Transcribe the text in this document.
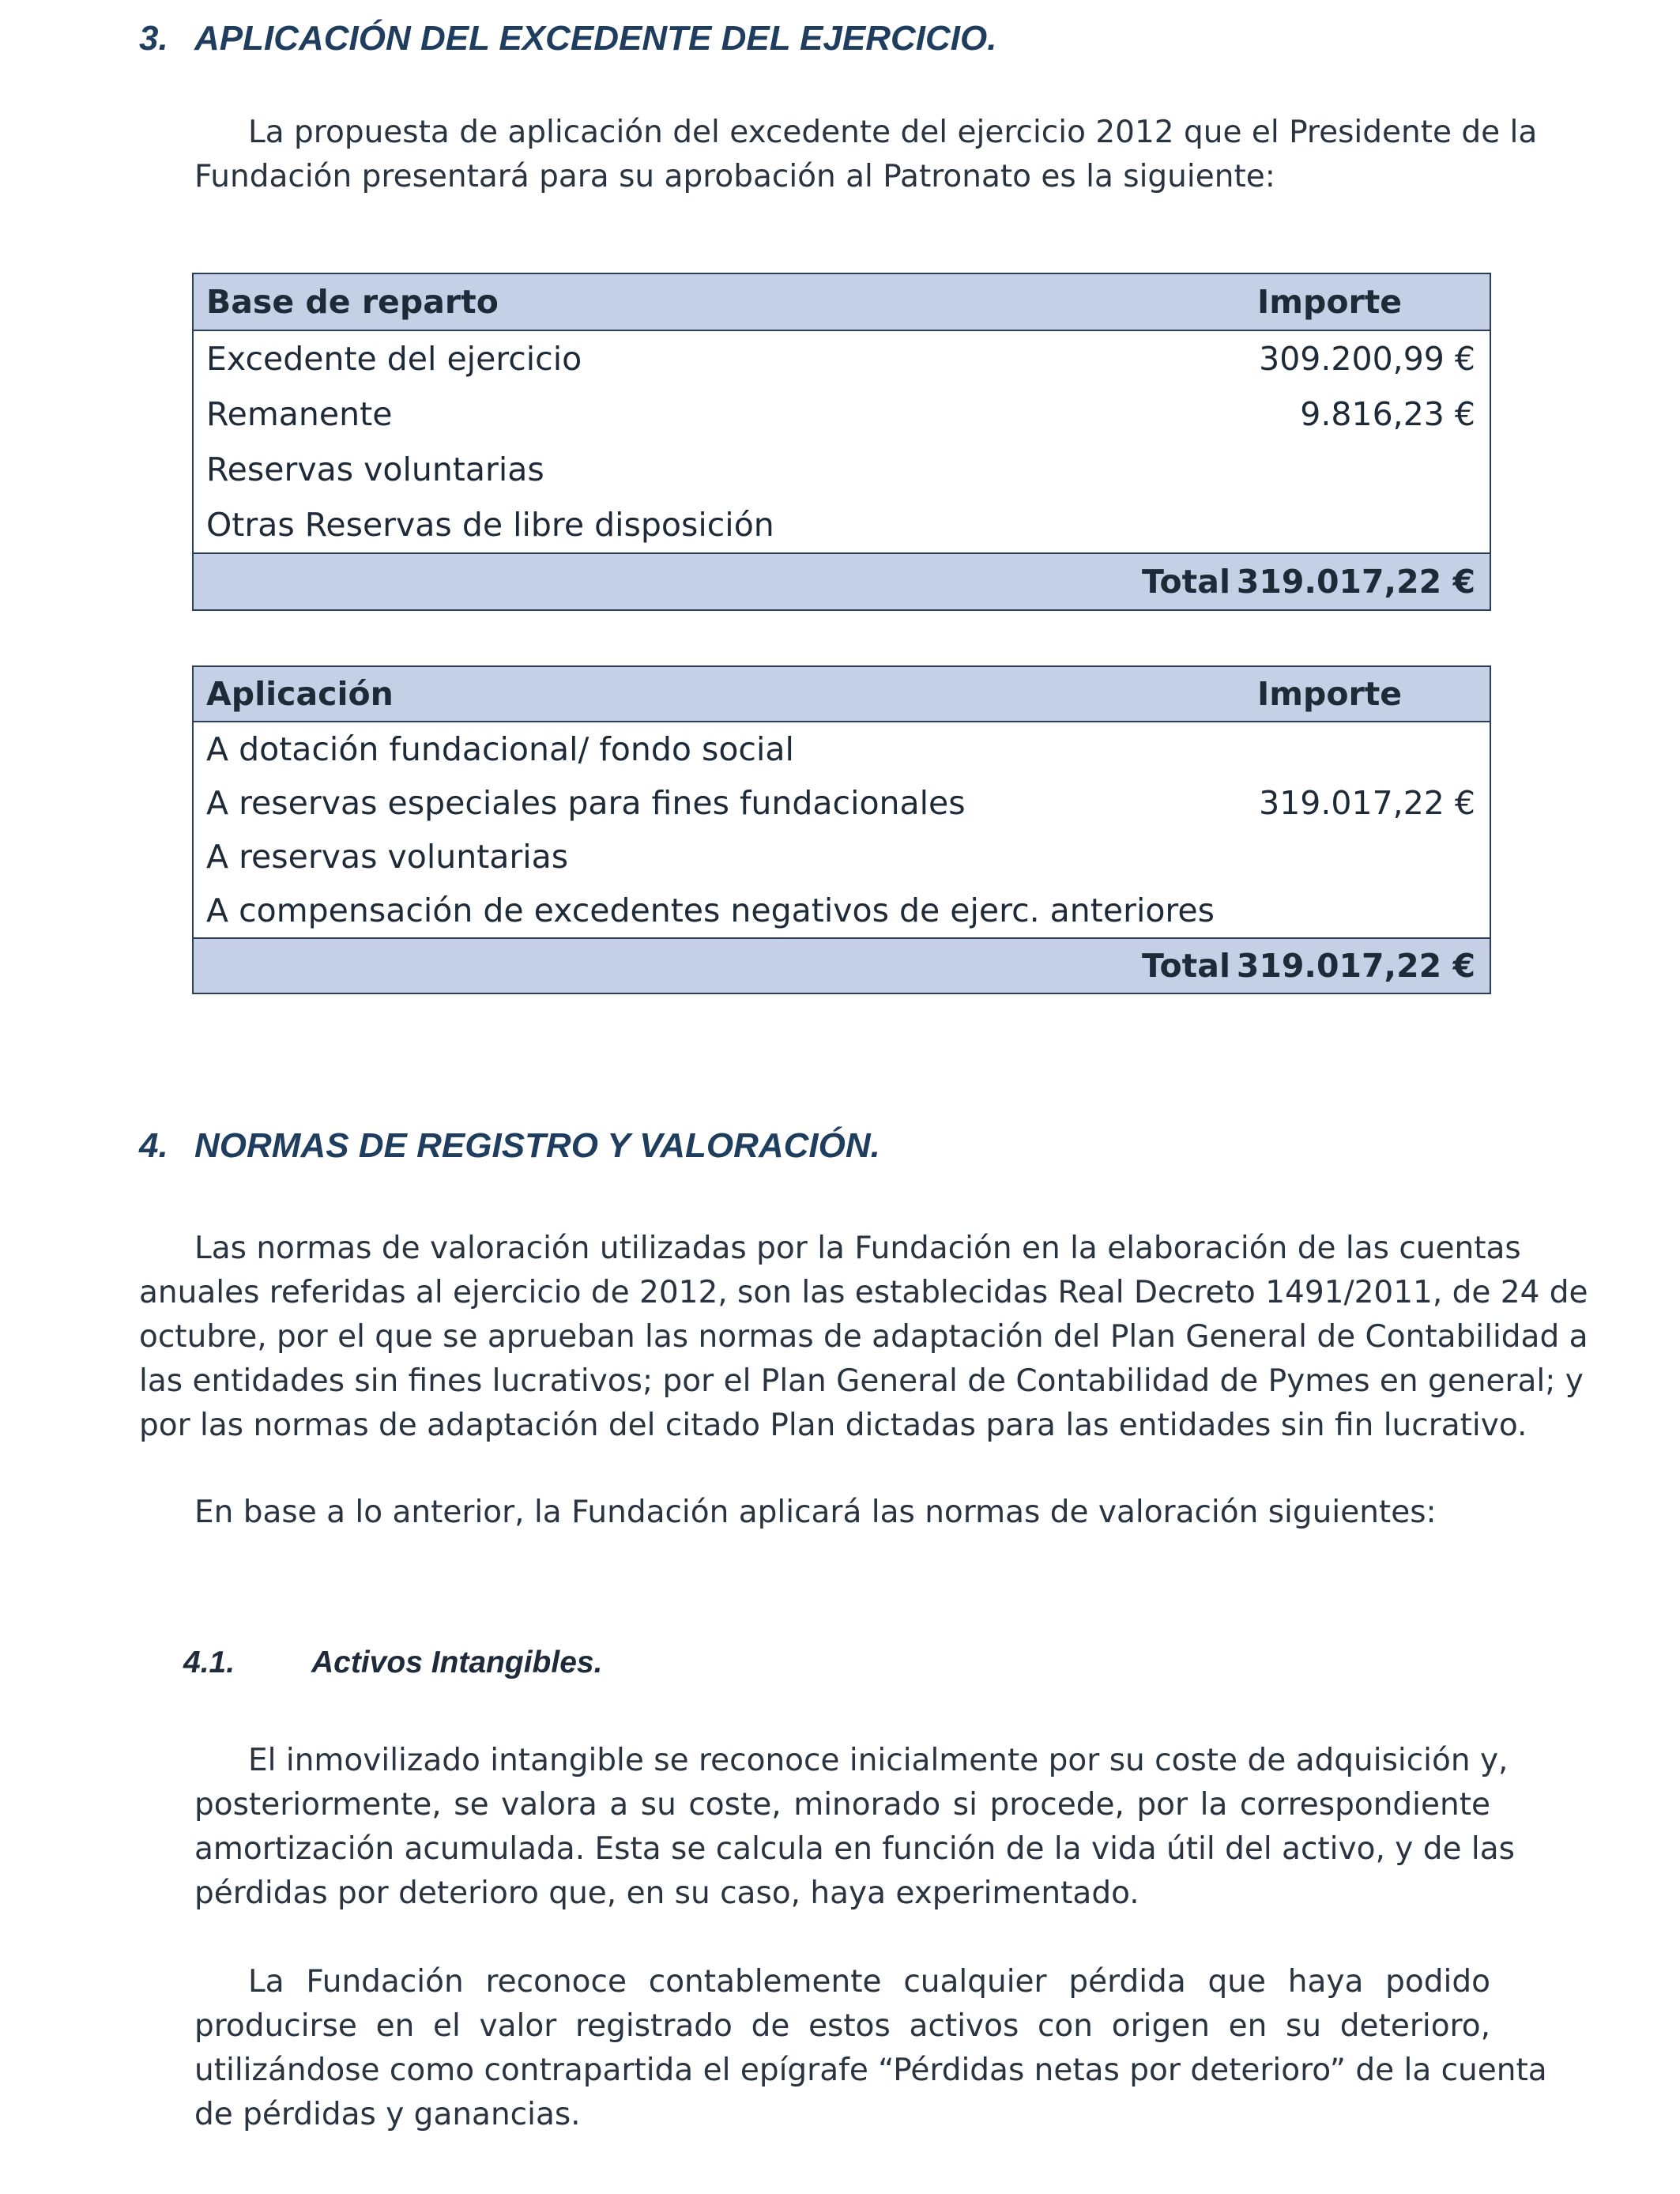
3. APLICACIÓN DEL EXCEDENTE DEL EJERCICIO.
La propuesta de aplicación del excedente del ejercicio 2012 que el Presidente de la
Fundación presentará para su aprobación al Patronato es la siguiente:
Base de reparto	Importe
Excedente del ejercicio	309.200,99 €
Remanente	9.816,23 €
Reservas voluntarias
Otras Reservas de libre disposición
Total 319.017,22 €
Aplicación	Importe
A dotación fundacional/ fondo social
A reservas especiales para fines fundacionales	319.017,22 €
A reservas voluntarias
A compensación de excedentes negativos de ejerc. anteriores
Total 319.017,22 €
4. NORMAS DE REGISTRO Y VALORACIÓN.
Las normas de valoración utilizadas por la Fundación en la elaboración de las cuentas
anuales referidas al ejercicio de 2012, son las establecidas Real Decreto 1491/2011, de 24 de
octubre, por el que se aprueban las normas de adaptación del Plan General de Contabilidad a
las entidades sin fines lucrativos; por el Plan General de Contabilidad de Pymes en general; y
por las normas de adaptación del citado Plan dictadas para las entidades sin fin lucrativo.
En base a lo anterior, la Fundación aplicará las normas de valoración siguientes:
4.1. Activos Intangibles.
El inmovilizado intangible se reconoce inicialmente por su coste de adquisición y,
posteriormente, se valora a su coste, minorado si procede, por la correspondiente
amortización acumulada. Esta se calcula en función de la vida útil del activo, y de las
pérdidas por deterioro que, en su caso, haya experimentado.
La Fundación reconoce contablemente cualquier pérdida que haya podido
producirse en el valor registrado de estos activos con origen en su deterioro,
utilizándose como contrapartida el epígrafe “Pérdidas netas por deterioro” de la cuenta
de pérdidas y ganancias.
